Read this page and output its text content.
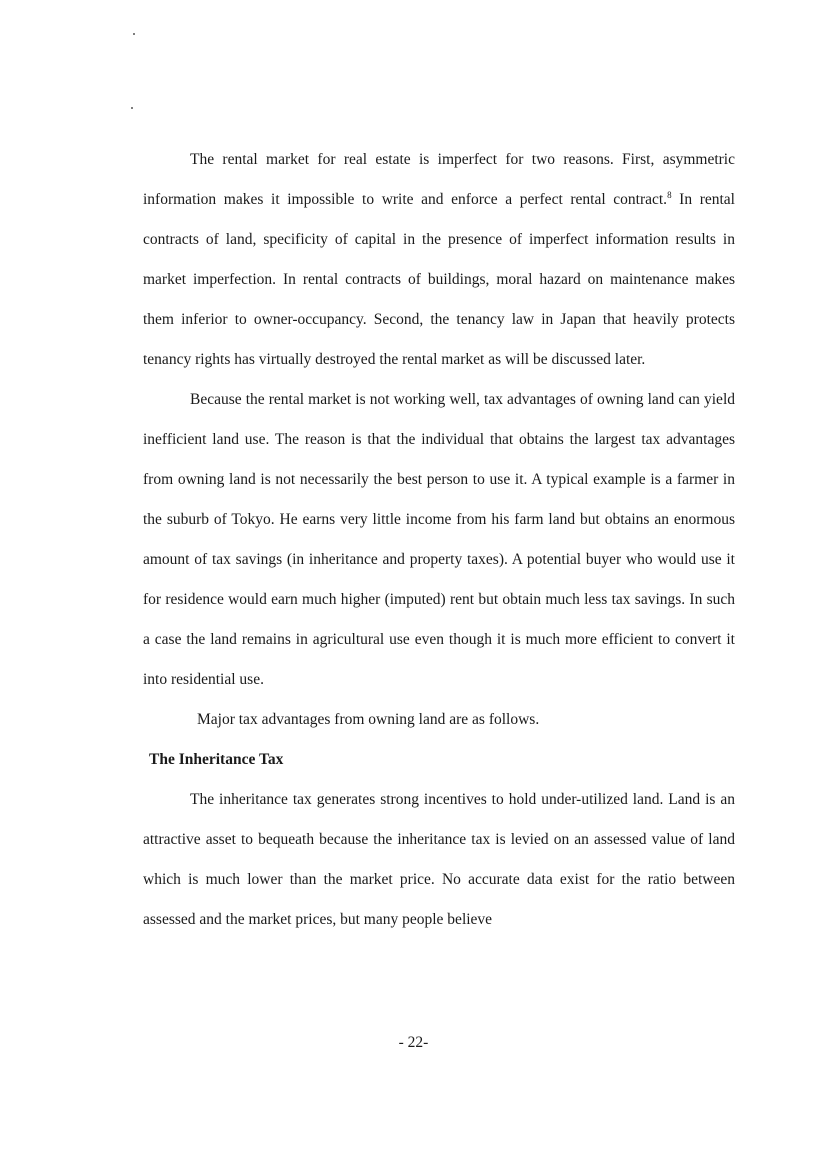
The rental market for real estate is imperfect for two reasons. First, asymmetric information makes it impossible to write and enforce a perfect rental contract.$^8$ In rental contracts of land, specificity of capital in the presence of imperfect information results in market imperfection. In rental contracts of buildings, moral hazard on maintenance makes them inferior to owner-occupancy. Second, the tenancy law in Japan that heavily protects tenancy rights has virtually destroyed the rental market as will be discussed later.

Because the rental market is not working well, tax advantages of owning land can yield inefficient land use. The reason is that the individual that obtains the largest tax advantages from owning land is not necessarily the best person to use it. A typical example is a farmer in the suburb of Tokyo. He earns very little income from his farm land but obtains an enormous amount of tax savings (in inheritance and property taxes). A potential buyer who would use it for residence would earn much higher (imputed) rent but obtain much less tax savings. In such a case the land remains in agricultural use even though it is much more efficient to convert it into residential use.

Major tax advantages from owning land are as follows.

The Inheritance Tax

The inheritance tax generates strong incentives to hold under-utilized land. Land is an attractive asset to bequeath because the inheritance tax is levied on an assessed value of land which is much lower than the market price. No accurate data exist for the ratio between assessed and the market prices, but many people believe

- 22-
